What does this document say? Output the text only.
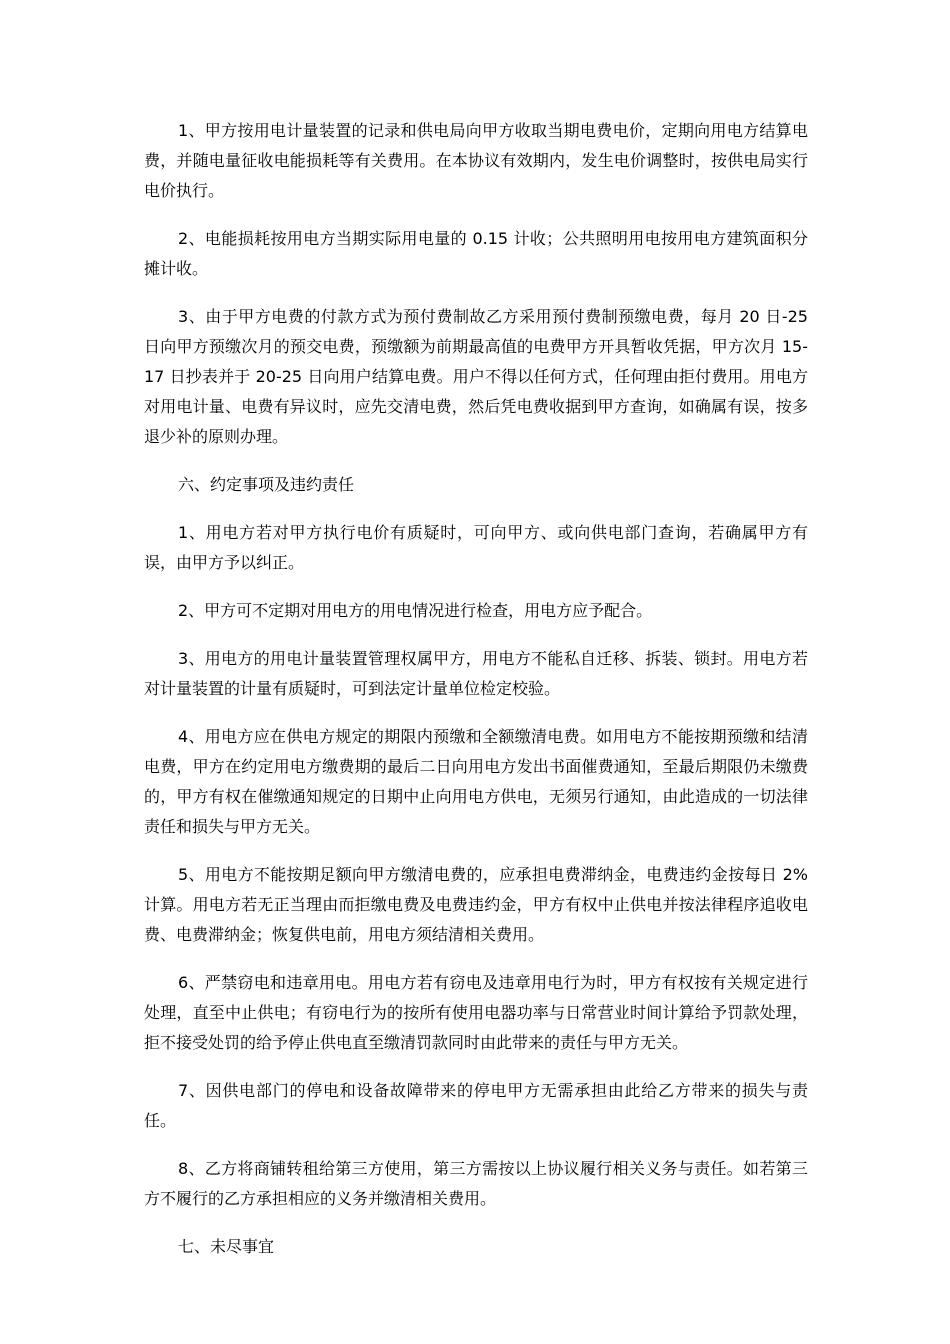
1、甲方按用电计量装置的记录和供电局向甲方收取当期电费电价，定期向用电方结算电费，并随电量征收电能损耗等有关费用。在本协议有效期内，发生电价调整时，按供电局实行电价执行。

2、电能损耗按用电方当期实际用电量的 0.15 计收；公共照明用电按用电方建筑面积分摊计收。

3、由于甲方电费的付款方式为预付费制故乙方采用预付费制预缴电费，每月 20 日-25 日向甲方预缴次月的预交电费，预缴额为前期最高值的电费甲方开具暂收凭据，甲方次月 15-17 日抄表并于 20-25 日向用户结算电费。用户不得以任何方式，任何理由拒付费用。用电方对用电计量、电费有异议时，应先交清电费，然后凭电费收据到甲方查询，如确属有误，按多退少补的原则办理。

六、约定事项及违约责任

1、用电方若对甲方执行电价有质疑时，可向甲方、或向供电部门查询，若确属甲方有误，由甲方予以纠正。

2、甲方可不定期对用电方的用电情况进行检查，用电方应予配合。

3、用电方的用电计量装置管理权属甲方，用电方不能私自迁移、拆装、锁封。用电方若对计量装置的计量有质疑时，可到法定计量单位检定校验。

4、用电方应在供电方规定的期限内预缴和全额缴清电费。如用电方不能按期预缴和结清电费，甲方在约定用电方缴费期的最后二日向用电方发出书面催费通知，至最后期限仍未缴费的，甲方有权在催缴通知规定的日期中止向用电方供电，无须另行通知，由此造成的一切法律责任和损失与甲方无关。

5、用电方不能按期足额向甲方缴清电费的，应承担电费滞纳金，电费违约金按每日 2%计算。用电方若无正当理由而拒缴电费及电费违约金，甲方有权中止供电并按法律程序追收电费、电费滞纳金；恢复供电前，用电方须结清相关费用。

6、严禁窃电和违章用电。用电方若有窃电及违章用电行为时，甲方有权按有关规定进行处理，直至中止供电；有窃电行为的按所有使用电器功率与日常营业时间计算给予罚款处理，拒不接受处罚的给予停止供电直至缴清罚款同时由此带来的责任与甲方无关。

7、因供电部门的停电和设备故障带来的停电甲方无需承担由此给乙方带来的损失与责任。

8、乙方将商铺转租给第三方使用，第三方需按以上协议履行相关义务与责任。如若第三方不履行的乙方承担相应的义务并缴清相关费用。

七、未尽事宜
